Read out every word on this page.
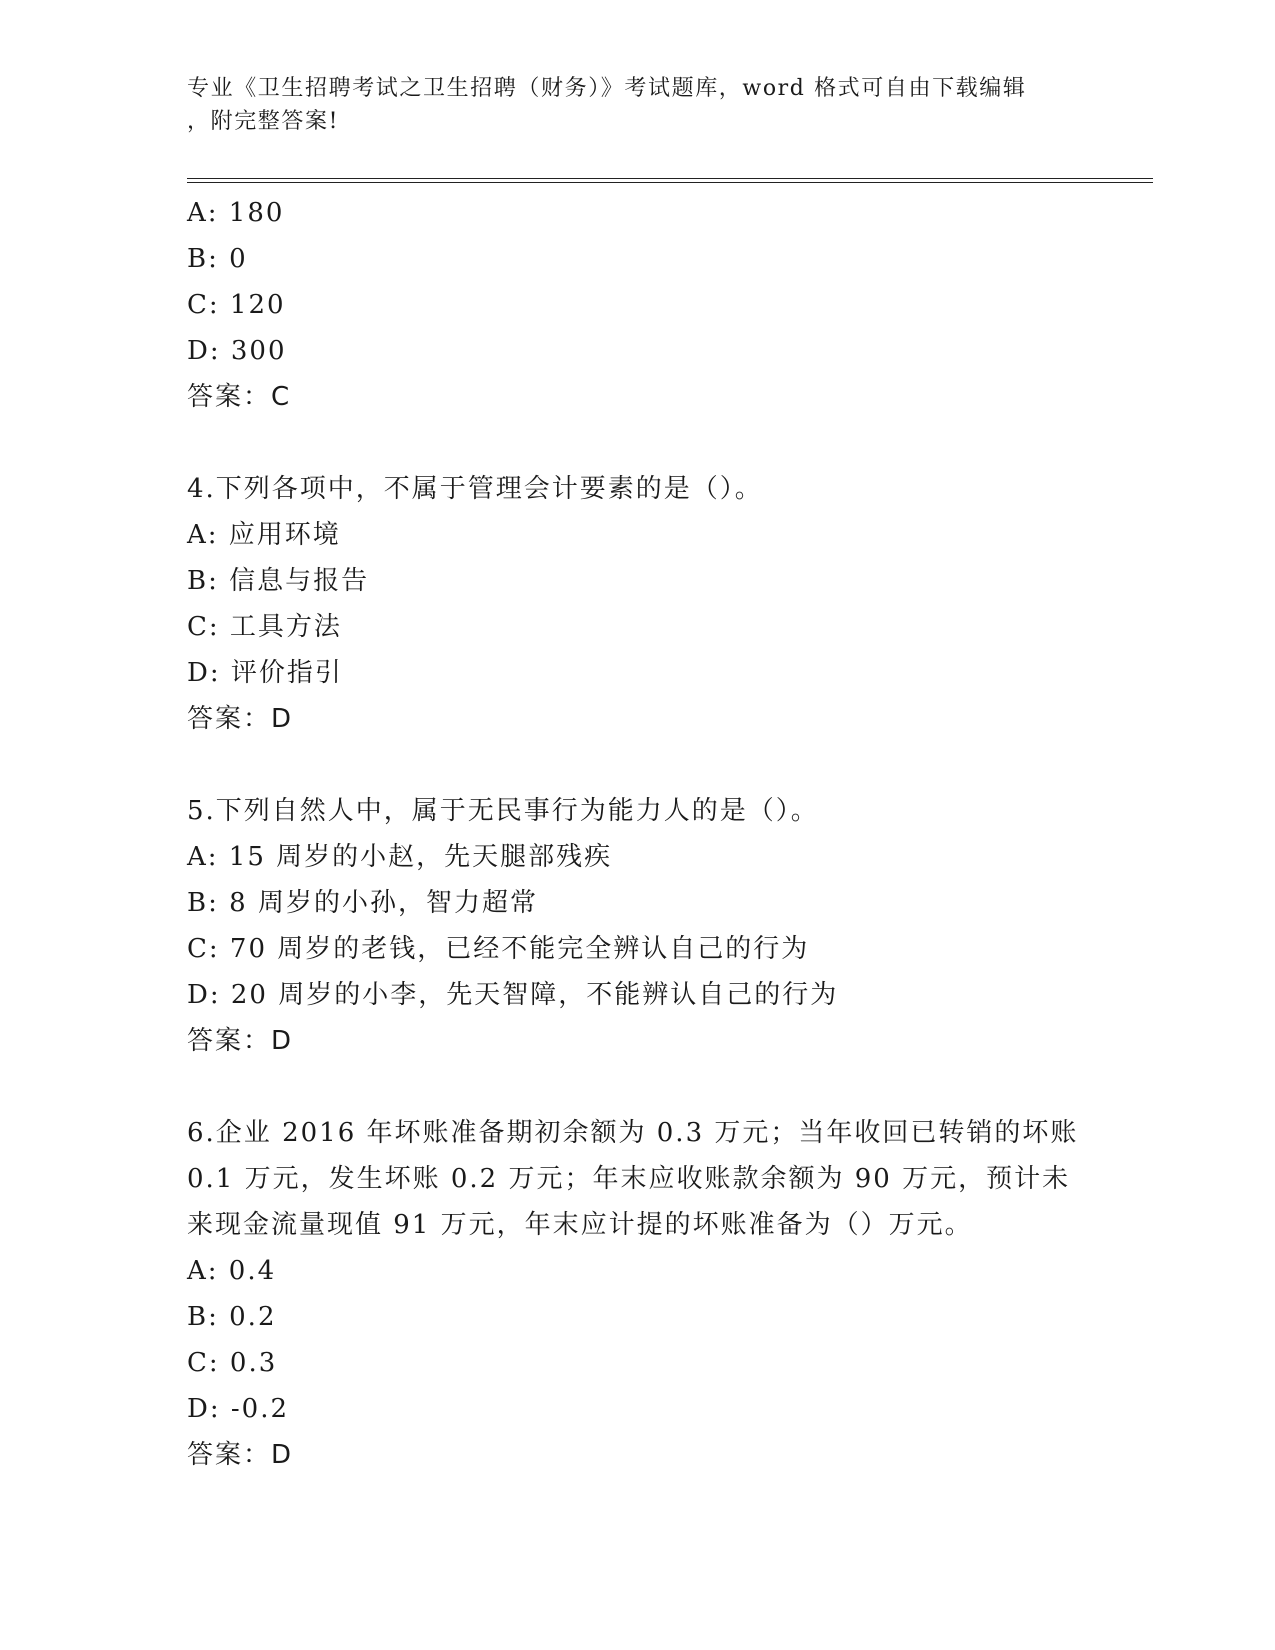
专业《卫生招聘考试之卫生招聘（财务）》考试题库，word 格式可自由下载编辑
，附完整答案!
A: 180
B: 0
C: 120
D: 300
答案：C
4.下列各项中，不属于管理会计要素的是（）。
A: 应用环境
B: 信息与报告
C: 工具方法
D: 评价指引
答案：D
5.下列自然人中，属于无民事行为能力人的是（）。
A: 15 周岁的小赵，先天腿部残疾
B: 8 周岁的小孙，智力超常
C: 70 周岁的老钱，已经不能完全辨认自己的行为
D: 20 周岁的小李，先天智障，不能辨认自己的行为
答案：D
6.企业 2016 年坏账准备期初余额为 0.3 万元；当年收回已转销的坏账
0.1 万元，发生坏账 0.2 万元；年末应收账款余额为 90 万元，预计未
来现金流量现值 91 万元，年末应计提的坏账准备为（）万元。
A: 0.4
B: 0.2
C: 0.3
D: -0.2
答案：D
